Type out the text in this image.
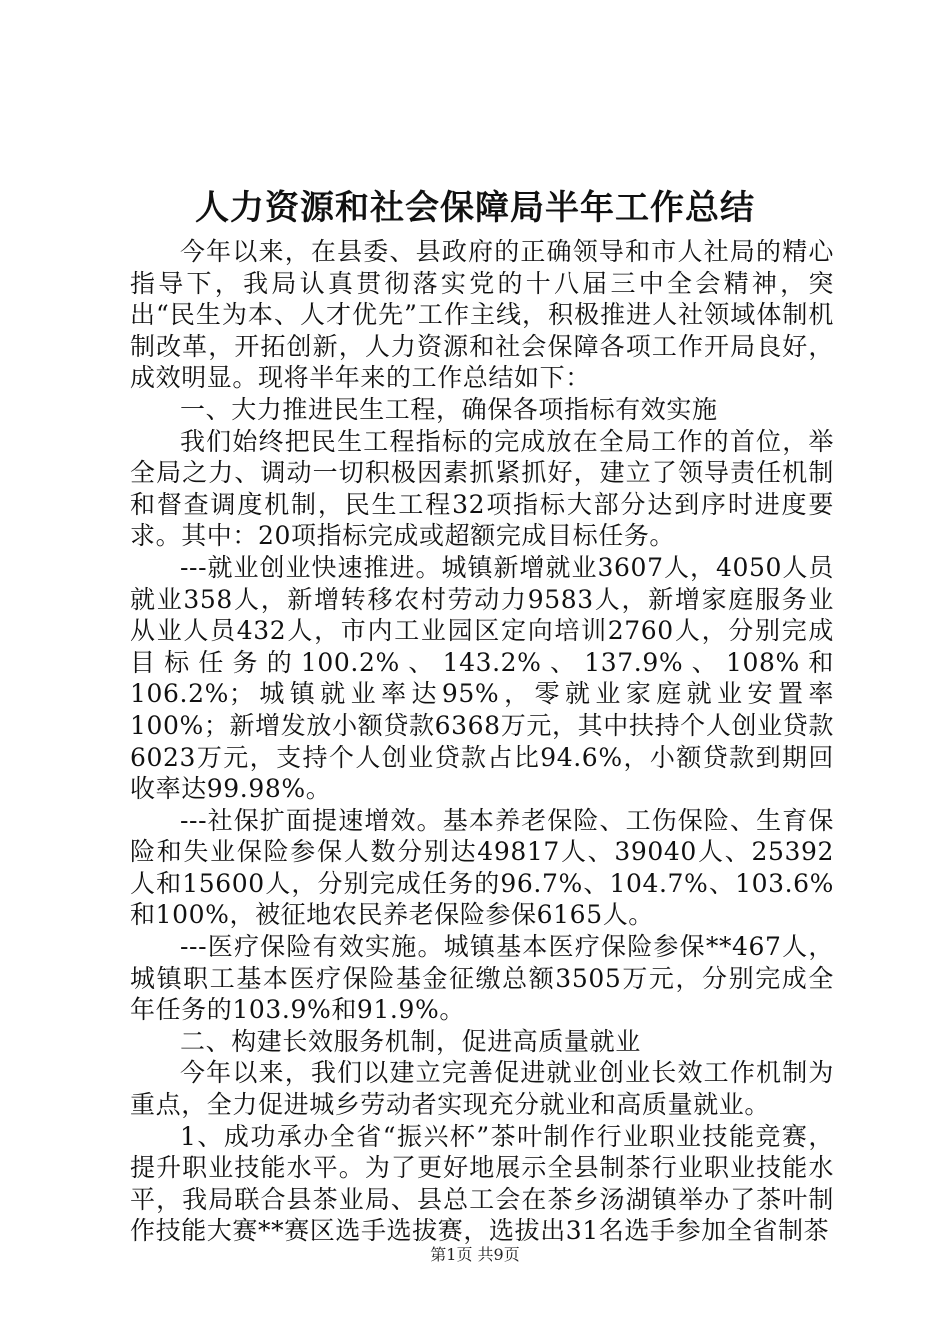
人力资源和社会保障局半年工作总结

今年以来，在县委、县政府的正确领导和市人社局的精心指导下，我局认真贯彻落实党的十八届三中全会精神，突出“民生为本、人才优先”工作主线，积极推进人社领域体制机制改革，开拓创新，人力资源和社会保障各项工作开局良好，成效明显。现将半年来的工作总结如下：

一、大力推进民生工程，确保各项指标有效实施

我们始终把民生工程指标的完成放在全局工作的首位，举全局之力、调动一切积极因素抓紧抓好，建立了领导责任机制和督查调度机制，民生工程32项指标大部分达到序时进度要求。其中：20项指标完成或超额完成目标任务。

---就业创业快速推进。城镇新增就业3607人，4050人员就业358人，新增转移农村劳动力9583人，新增家庭服务业从业人员432人，市内工业园区定向培训2760人，分别完成目标任务的100.2%、143.2%、137.9%、108%和106.2%；城镇就业率达95%，零就业家庭就业安置率100%；新增发放小额贷款6368万元，其中扶持个人创业贷款6023万元，支持个人创业贷款占比94.6%，小额贷款到期回收率达99.98%。

---社保扩面提速增效。基本养老保险、工伤保险、生育保险和失业保险参保人数分别达49817人、39040人、25392人和15600人，分别完成任务的96.7%、104.7%、103.6%和100%，被征地农民养老保险参保6165人。

---医疗保险有效实施。城镇基本医疗保险参保**467人，城镇职工基本医疗保险基金征缴总额3505万元，分别完成全年任务的103.9%和91.9%。

二、构建长效服务机制，促进高质量就业

今年以来，我们以建立完善促进就业创业长效工作机制为重点，全力促进城乡劳动者实现充分就业和高质量就业。

1、成功承办全省“振兴杯”茶叶制作行业职业技能竞赛，提升职业技能水平。为了更好地展示全县制茶行业职业技能水平，我局联合县茶业局、县总工会在茶乡汤湖镇举办了茶叶制作技能大赛**赛区选手选拔赛，选拔出31名选手参加全省制茶

第1页 共9页
